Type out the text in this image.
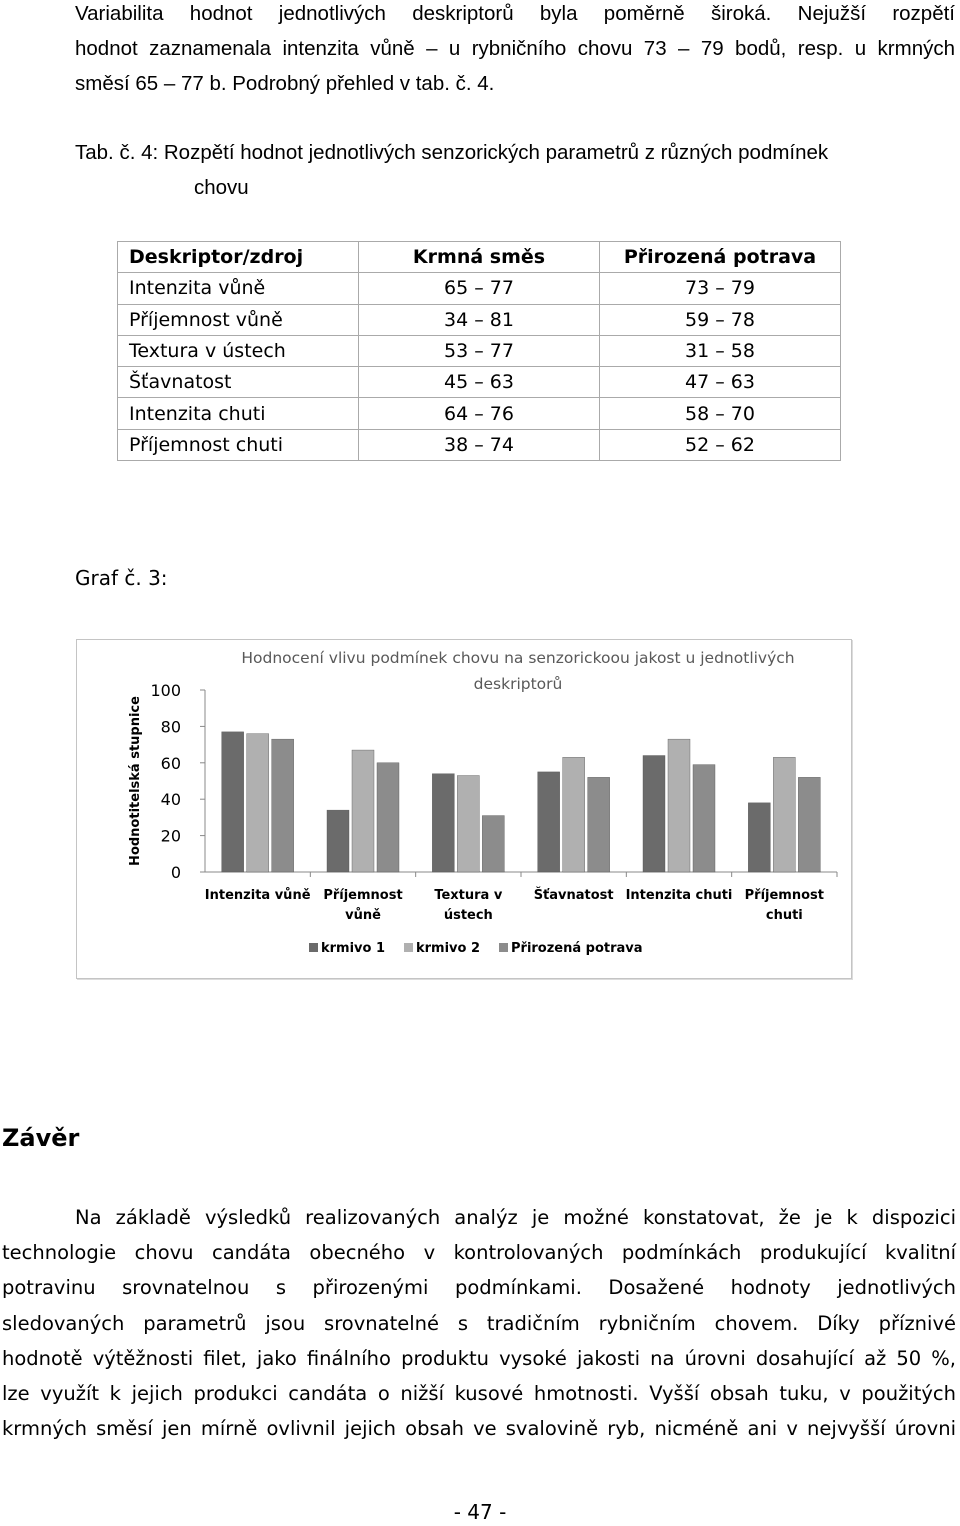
Variabilita hodnot jednotlivých deskriptorů byla poměrně široká. Nejužší rozpětí
hodnot zaznamenala intenzita vůně – u rybničního chovu 73 – 79 bodů, resp. u krmných
směsí 65 – 77 b. Podrobný přehled v tab. č. 4.
Tab. č. 4: Rozpětí hodnot jednotlivých senzorických parametrů z různých podmínek
chovu
Deskriptor/zdroj	Krmná směs	Přirozená potrava
Intenzita vůně	65 – 77	73 – 79
Příjemnost vůně	34 – 81	59 – 78
Textura v ústech	53 – 77	31 – 58
Šťavnatost	45 – 63	47 – 63
Intenzita chuti	64 – 76	58 – 70
Příjemnost chuti	38 – 74	52 – 62
Graf č. 3:
Hodnocení vlivu podmínek chovu na senzorickoou jakost u jednotlivých
deskriptorů
Hodnotitelská stupnice
0
20
40
60
80
100
Intenzita vůně Příjemnost
vůně
Textura v
ústech
Šťavnatost Intenzita chuti Příjemnost
chuti
krmivo 1 krmivo 2 Přirozená potrava
Závěr
Na základě výsledků realizovaných analýz je možné konstatovat, že je k dispozici
technologie chovu candáta obecného v kontrolovaných podmínkách produkující kvalitní
potravinu srovnatelnou s přirozenými podmínkami. Dosažené hodnoty jednotlivých
sledovaných parametrů jsou srovnatelné s tradičním rybničním chovem. Díky příznivé
hodnotě výtěžnosti filet, jako finálního produktu vysoké jakosti na úrovni dosahující až 50 %,
lze využít k jejich produkci candáta o nižší kusové hmotnosti. Vyšší obsah tuku, v použitých
krmných směsí jen mírně ovlivnil jejich obsah ve svalovině ryb, nicméně ani v nejvyšší úrovni
- 47 -
